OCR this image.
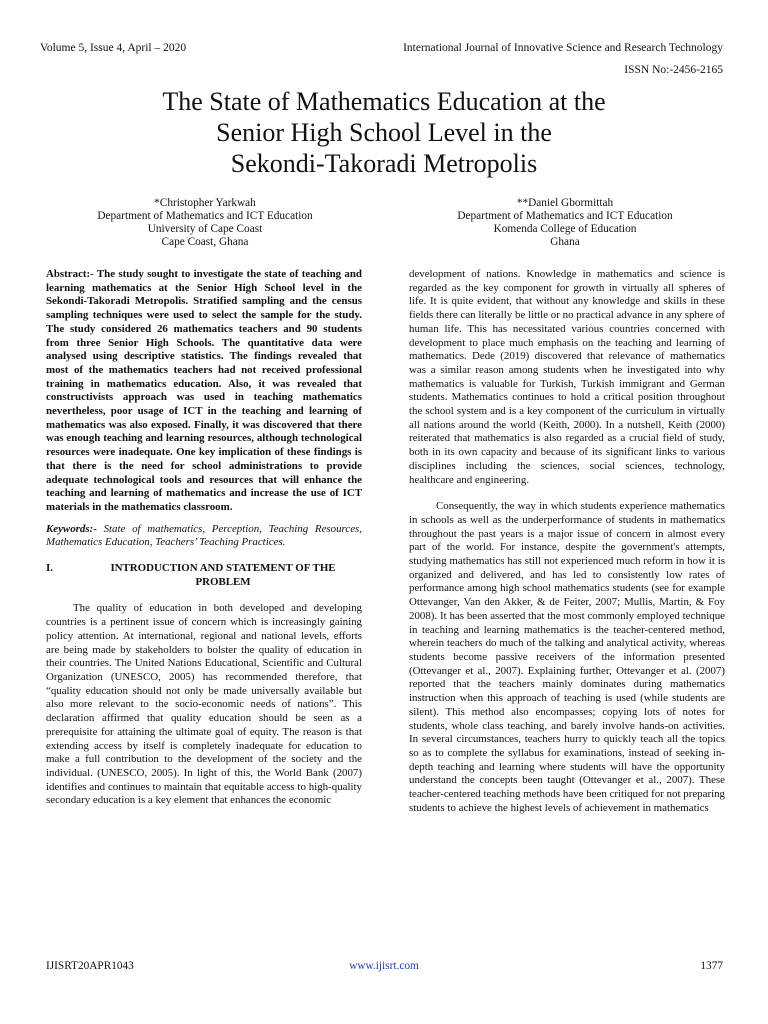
Volume 5, Issue 4, April – 2020	International Journal of Innovative Science and Research Technology
ISSN No:-2456-2165
The State of Mathematics Education at the
Senior High School Level in the
Sekondi-Takoradi Metropolis
*Christopher Yarkwah
Department of Mathematics and ICT Education
University of Cape Coast
Cape Coast, Ghana
**Daniel Gbormittah
Department of Mathematics and ICT Education
Komenda College of Education
Ghana

Abstract:- The study sought to investigate the state of teaching and learning mathematics at the Senior High School level in the Sekondi-Takoradi Metropolis. Stratified sampling and the census sampling techniques were used to select the sample for the study. The study considered 26 mathematics teachers and 90 students from three Senior High Schools. The quantitative data were analysed using descriptive statistics. The findings revealed that most of the mathematics teachers had not received professional training in mathematics education. Also, it was revealed that constructivists approach was used in teaching mathematics nevertheless, poor usage of ICT in the teaching and learning of mathematics was also exposed. Finally, it was discovered that there was enough teaching and learning resources, although technological resources were inadequate. One key implication of these findings is that there is the need for school administrations to provide adequate technological tools and resources that will enhance the teaching and learning of mathematics and increase the use of ICT materials in the mathematics classroom.

Keywords:- State of mathematics, Perception, Teaching Resources, Mathematics Education, Teachers’ Teaching Practices.

I.	INTRODUCTION AND STATEMENT OF THE PROBLEM

The quality of education in both developed and developing countries is a pertinent issue of concern which is increasingly gaining policy attention. At international, regional and national levels, efforts are being made by stakeholders to bolster the quality of education in their countries. The United Nations Educational, Scientific and Cultural Organization (UNESCO, 2005) has recommended therefore, that “quality education should not only be made universally available but also more relevant to the socio-economic needs of nations”. This declaration affirmed that quality education should be seen as a prerequisite for attaining the ultimate goal of equity. The reason is that extending access by itself is completely inadequate for education to make a full contribution to the development of the society and the individual. (UNESCO, 2005). In light of this, the World Bank (2007) identifies and continues to maintain that equitable access to high-quality secondary education is a key element that enhances the economic

development of nations. Knowledge in mathematics and science is regarded as the key component for growth in virtually all spheres of life. It is quite evident, that without any knowledge and skills in these fields there can literally be little or no practical advance in any sphere of human life. This has necessitated various countries concerned with development to place much emphasis on the teaching and learning of mathematics. Dede (2019) discovered that relevance of mathematics was a similar reason among students when he investigated into why mathematics is valuable for Turkish, Turkish immigrant and German students. Mathematics continues to hold a critical position throughout the school system and is a key component of the curriculum in virtually all nations around the world (Keith, 2000). In a nutshell, Keith (2000) reiterated that mathematics is also regarded as a crucial field of study, both in its own capacity and because of its significant links to various disciplines including the sciences, social sciences, technology, healthcare and engineering.

Consequently, the way in which students experience mathematics in schools as well as the underperformance of students in mathematics throughout the past years is a major issue of concern in almost every part of the world. For instance, despite the government's attempts, studying mathematics has still not experienced much reform in how it is organized and delivered, and has led to consistently low rates of performance among high school mathematics students (see for example Ottevanger, Van den Akker, & de Feiter, 2007; Mullis, Martin, & Foy 2008). It has been asserted that the most commonly employed technique in teaching and learning mathematics is the teacher-centered method, wherein teachers do much of the talking and analytical activity, whereas students become passive receivers of the information presented (Ottevanger et al., 2007). Explaining further, Ottevanger et al. (2007) reported that the teachers mainly dominates during mathematics instruction when this approach of teaching is used (while students are silent). This method also encompasses; copying lots of notes for students, whole class teaching, and barely involve hands-on activities. In several circumstances, teachers hurry to quickly teach all the topics so as to complete the syllabus for examinations, instead of seeking in-depth teaching and learning where students will have the opportunity understand the concepts been taught (Ottevanger et al., 2007). These teacher-centered teaching methods have been critiqued for not preparing students to achieve the highest levels of achievement in mathematics

IJISRT20APR1043	www.ijisrt.com	1377
